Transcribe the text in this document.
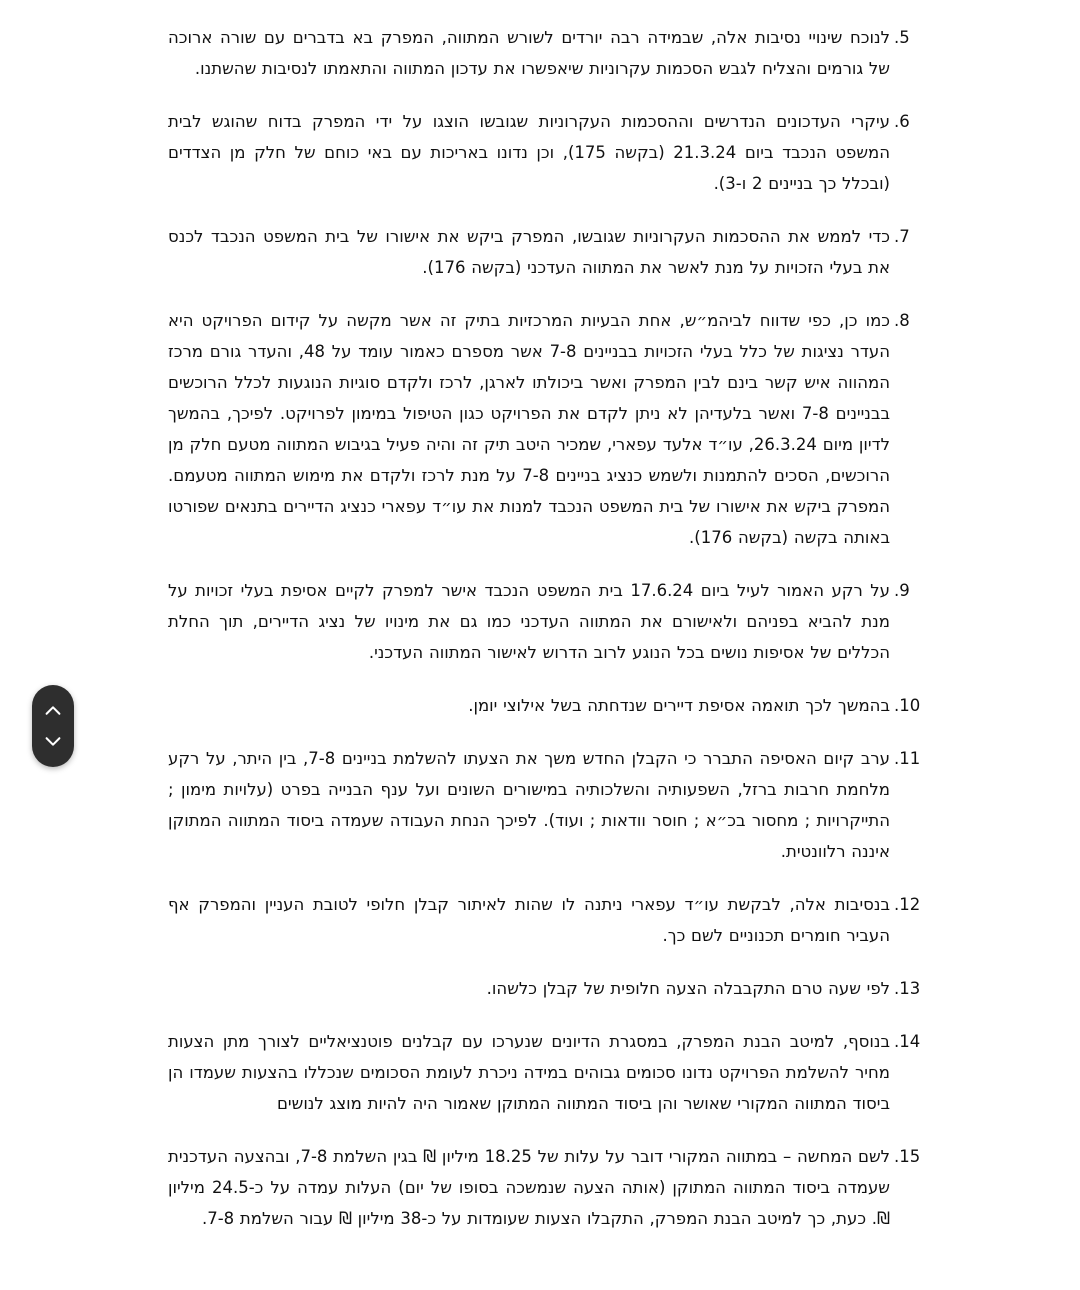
.5
לנוכח שינויי נסיבות אלה, שבמידה רבה יורדים לשורש המתווה, המפרק בא בדברים עם שורה ארוכה של גורמים והצליח לגבש הסכמות עקרוניות שיאפשרו את עדכון המתווה והתאמתו לנסיבות שהשתנו.
.6
עיקרי העדכונים הנדרשים וההסכמות העקרוניות שגובשו הוצגו על ידי המפרק בדוח שהוגש לבית המשפט הנכבד ביום 21.3.24 (בקשה 175), וכן נדונו באריכות עם באי כוחם של חלק מן הצדדים (ובכלל כך בניינים 2 ו-3).
.7
כדי לממש את ההסכמות העקרוניות שגובשו, המפרק ביקש את אישורו של בית המשפט הנכבד לכנס את בעלי הזכויות על מנת לאשר את המתווה העדכני (בקשה 176).
.8
כמו כן, כפי שדווח לביהמ״ש, אחת הבעיות המרכזיות בתיק זה אשר מקשה על קידום הפרויקט היא העדר נציגות של כלל בעלי הזכויות בבניינים 7-8 אשר מספרם כאמור עומד על 48, והעדר גורם מרכז המהווה איש קשר בינם לבין המפרק ואשר ביכולתו לארגן, לרכז ולקדם סוגיות הנוגעות לכלל הרוכשים בבניינים 7-8 ואשר בלעדיהן לא ניתן לקדם את הפרויקט כגון הטיפול במימון לפרויקט. לפיכך, בהמשך לדיון מיום 26.3.24, עו״ד אלעד עפארי, שמכיר היטב תיק זה והיה פעיל בגיבוש המתווה מטעם חלק מן הרוכשים, הסכים להתמנות ולשמש כנציג בניינים 7-8 על מנת לרכז ולקדם את מימוש המתווה מטעמם. המפרק ביקש את אישורו של בית המשפט הנכבד למנות את עו״ד עפארי כנציג הדיירים בתנאים שפורטו באותה בקשה (בקשה 176).
.9
על רקע האמור לעיל ביום 17.6.24 בית המשפט הנכבד אישר למפרק לקיים אסיפת בעלי זכויות על מנת להביא בפניהם ולאישורם את המתווה העדכני כמו גם את מינויו של נציג הדיירים, תוך החלת הכללים של אסיפות נושים בכל הנוגע לרוב הדרוש לאישור המתווה העדכני.
.10
בהמשך לכך תואמה אסיפת דיירים שנדחתה בשל אילוצי יומן.
.11
ערב קיום האסיפה התברר כי הקבלן החדש משך את הצעתו להשלמת בניינים 7-8, בין היתר, על רקע מלחמת חרבות ברזל, השפעותיה והשלכותיה במישורים השונים ועל ענף הבנייה בפרט (עלויות מימון ; התייקרויות ; מחסור בכ״א ; חוסר וודאות ; ועוד). לפיכך הנחת העבודה שעמדה ביסוד המתווה המתוקן איננה רלוונטית.
.12
בנסיבות אלה, לבקשת עו״ד עפארי ניתנה לו שהות לאיתור קבלן חלופי לטובת העניין והמפרק אף העביר חומרים תכנוניים לשם כך.
.13
לפי שעה טרם התקבבלה הצעה חלופית של קבלן כלשהו.
.14
בנוסף, למיטב הבנת המפרק, במסגרת הדיונים שנערכו עם קבלנים פוטנציאליים לצורך מתן הצעות מחיר להשלמת הפרויקט נדונו סכומים גבוהים במידה ניכרת לעומת הסכומים שנכללו בהצעות שעמדו הן ביסוד המתווה המקורי שאושר והן ביסוד המתווה המתוקן שאמור היה להיות מוצג לנושים
.15
לשם המחשה – במתווה המקורי דובר על עלות של 18.25 מיליון ₪ בגין השלמת 7-8, ובהצעה העדכנית שעמדה ביסוד המתווה המתוקן (אותה הצעה שנמשכה בסופו של יום) העלות עמדה על כ-24.5 מיליון ₪. כעת, כך למיטב הבנת המפרק, התקבלו הצעות שעומדות על כ-38 מיליון ₪ עבור השלמת 7-8.
